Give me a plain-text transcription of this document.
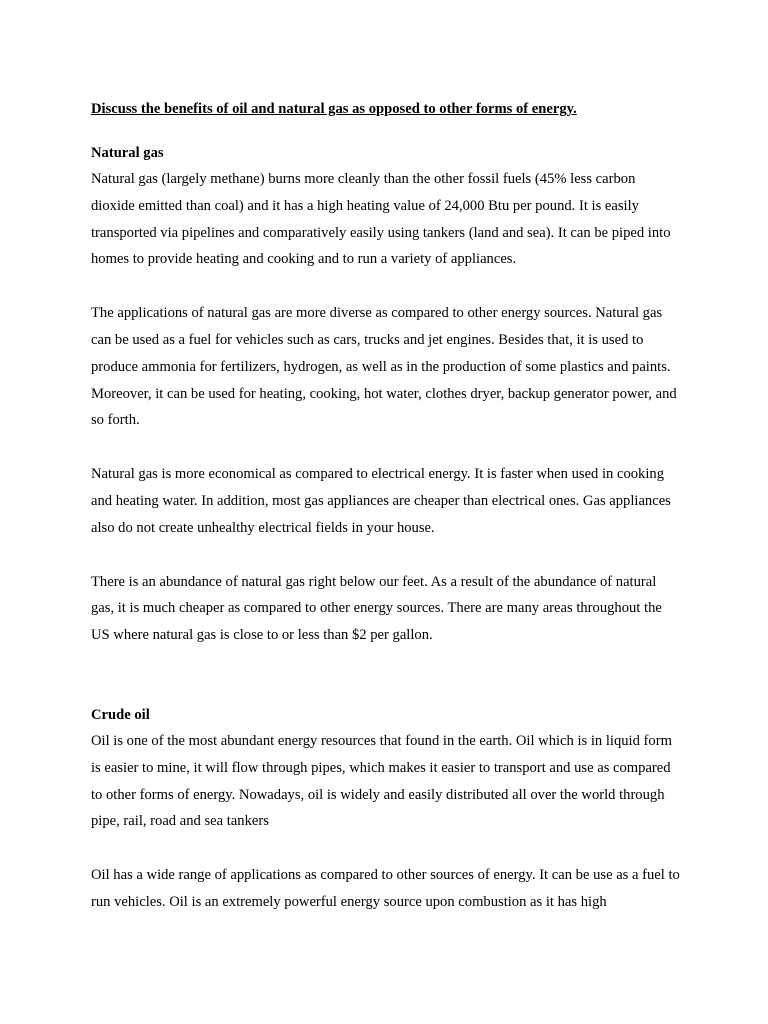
Discuss the benefits of oil and natural gas as opposed to other forms of energy.

Natural gas

Natural gas (largely methane) burns more cleanly than the other fossil fuels (45% less carbon dioxide emitted than coal) and it has a high heating value of 24,000 Btu per pound. It is easily transported via pipelines and comparatively easily using tankers (land and sea). It can be piped into homes to provide heating and cooking and to run a variety of appliances.

The applications of natural gas are more diverse as compared to other energy sources. Natural gas can be used as a fuel for vehicles such as cars, trucks and jet engines. Besides that, it is used to produce ammonia for fertilizers, hydrogen, as well as in the production of some plastics and paints. Moreover, it can be used for heating, cooking, hot water, clothes dryer, backup generator power, and so forth.

Natural gas is more economical as compared to electrical energy. It is faster when used in cooking and heating water. In addition, most gas appliances are cheaper than electrical ones. Gas appliances also do not create unhealthy electrical fields in your house.

There is an abundance of natural gas right below our feet. As a result of the abundance of natural gas, it is much cheaper as compared to other energy sources. There are many areas throughout the US where natural gas is close to or less than $2 per gallon.

Crude oil

Oil is one of the most abundant energy resources that found in the earth. Oil which is in liquid form is easier to mine, it will flow through pipes, which makes it easier to transport and use as compared to other forms of energy. Nowadays, oil is widely and easily distributed all over the world through pipe, rail, road and sea tankers

Oil has a wide range of applications as compared to other sources of energy. It can be use as a fuel to run vehicles. Oil is an extremely powerful energy source upon combustion as it has high
